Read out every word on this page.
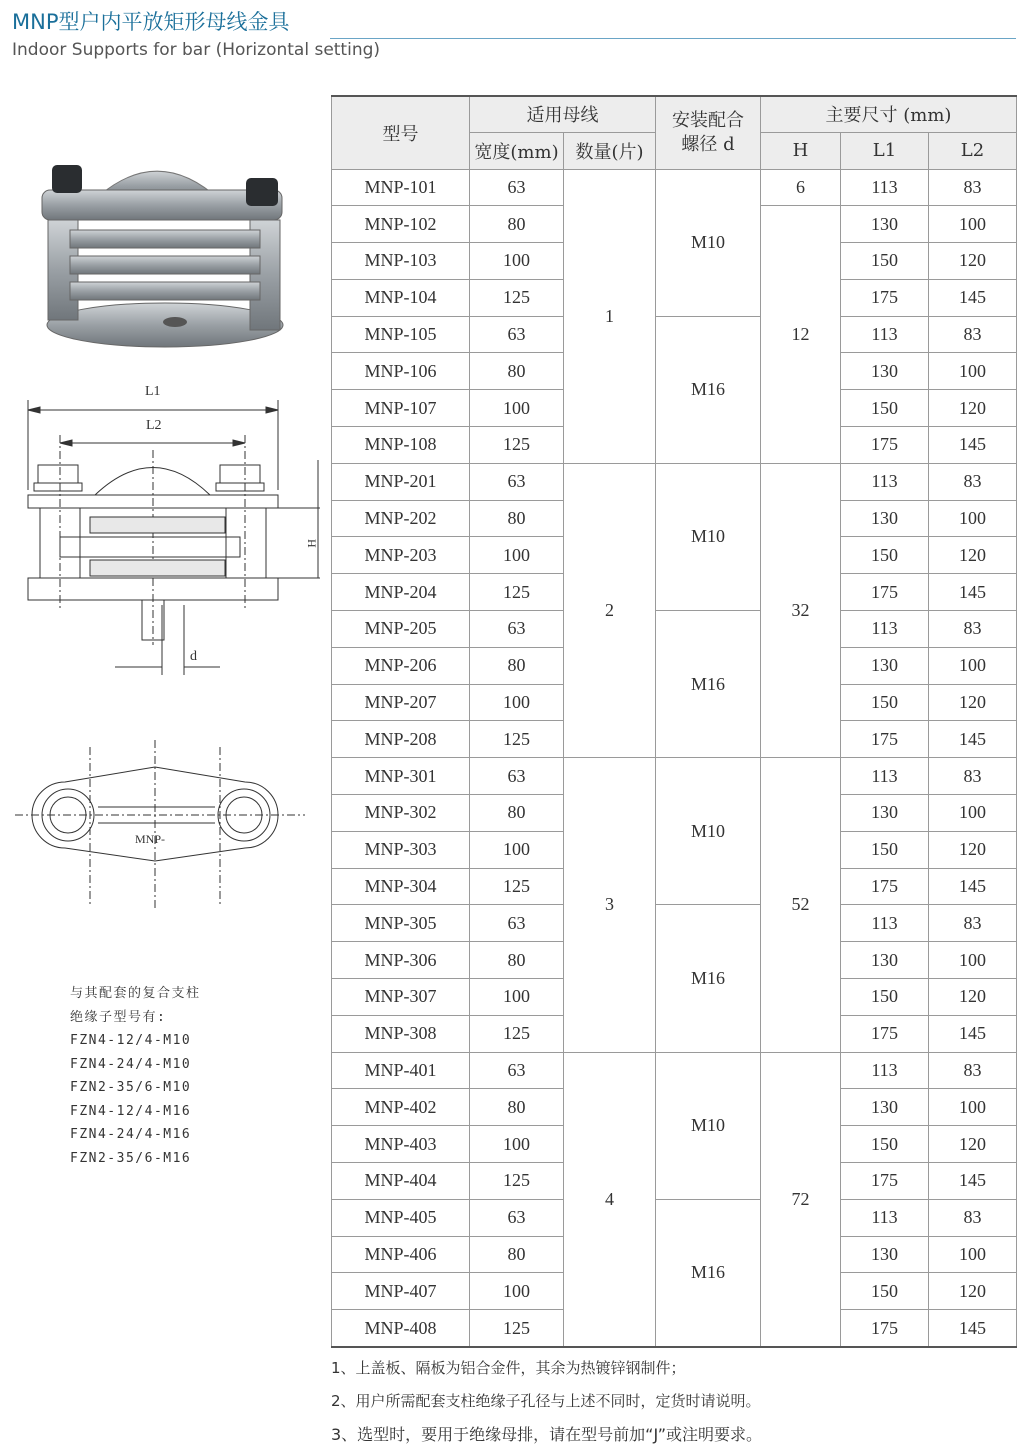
MNP型户内平放矩形母线金具
Indoor Supports for bar (Horizontal setting)
L1
L2
H
d
MNP-
与其配套的复合支柱
绝缘子型号有:
FZN4-12/4-M10
FZN4-24/4-M10
FZN2-35/6-M10
FZN4-12/4-M16
FZN4-24/4-M16
FZN2-35/6-M16
型号	适用母线		安装配合螺径 d	主要尺寸 (mm)		
	宽度(mm)	数量(片)		H	L1	L2
MNP-101	63	1	M10	6	113	83
MNP-102	80			12	130	100
MNP-103	100				150	120
MNP-104	125				175	145
MNP-105	63		M16		113	83
MNP-106	80				130	100
MNP-107	100				150	120
MNP-108	125				175	145
MNP-201	63	2	M10	32	113	83
MNP-202	80				130	100
MNP-203	100				150	120
MNP-204	125				175	145
MNP-205	63		M16		113	83
MNP-206	80				130	100
MNP-207	100				150	120
MNP-208	125				175	145
MNP-301	63	3	M10	52	113	83
MNP-302	80				130	100
MNP-303	100				150	120
MNP-304	125				175	145
MNP-305	63		M16		113	83
MNP-306	80				130	100
MNP-307	100				150	120
MNP-308	125				175	145
MNP-401	63	4	M10	72	113	83
MNP-402	80				130	100
MNP-403	100				150	120
MNP-404	125				175	145
MNP-405	63		M16		113	83
MNP-406	80				130	100
MNP-407	100				150	120
MNP-408	125				175	145
1、上盖板、隔板为铝合金件，其余为热镀锌钢制件；
2、用户所需配套支柱绝缘子孔径与上述不同时，定货时请说明。
3、选型时，要用于绝缘母排，请在型号前加“J”或注明要求。
